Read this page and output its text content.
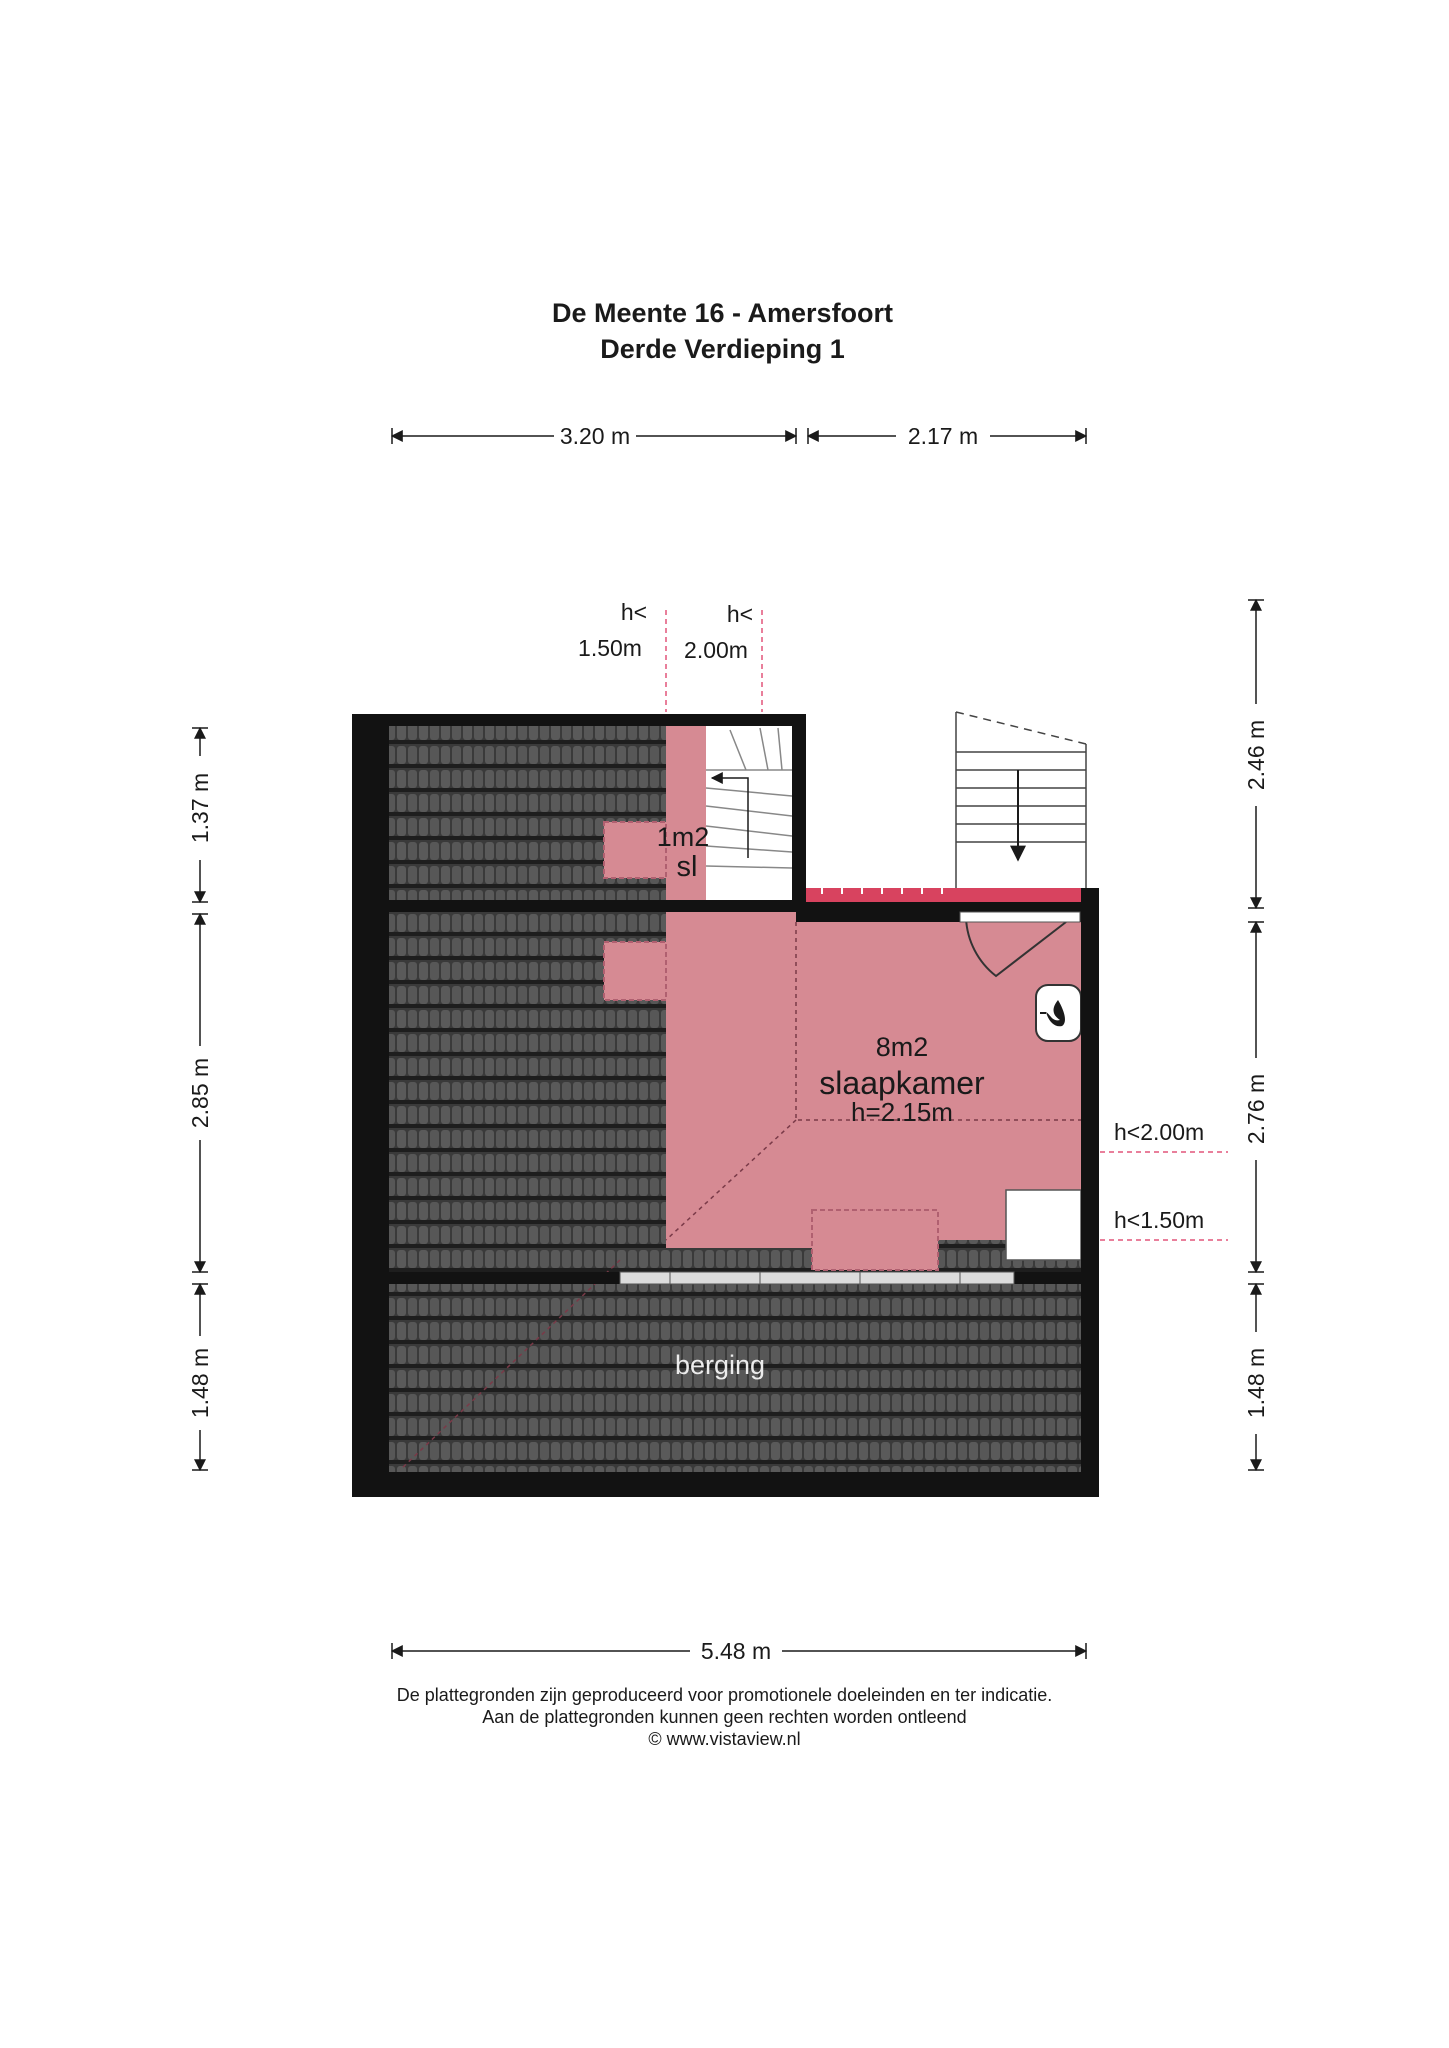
De Meente 16 - Amersfoort
Derde Verdieping 1
1m2
sl
8m2
slaapkamer
h=2.15m
berging
h<
1.50m
h<
2.00m
h<2.00m
h<1.50m
3.20 m	2.17 m
5.48 m
1.37 m
2.85 m
1.48 m
2.46 m
2.76 m
1.48 m
De plattegronden zijn geproduceerd voor promotionele doeleinden en ter indicatie.
Aan de plattegronden kunnen geen rechten worden ontleend
© www.vistaview.nl
